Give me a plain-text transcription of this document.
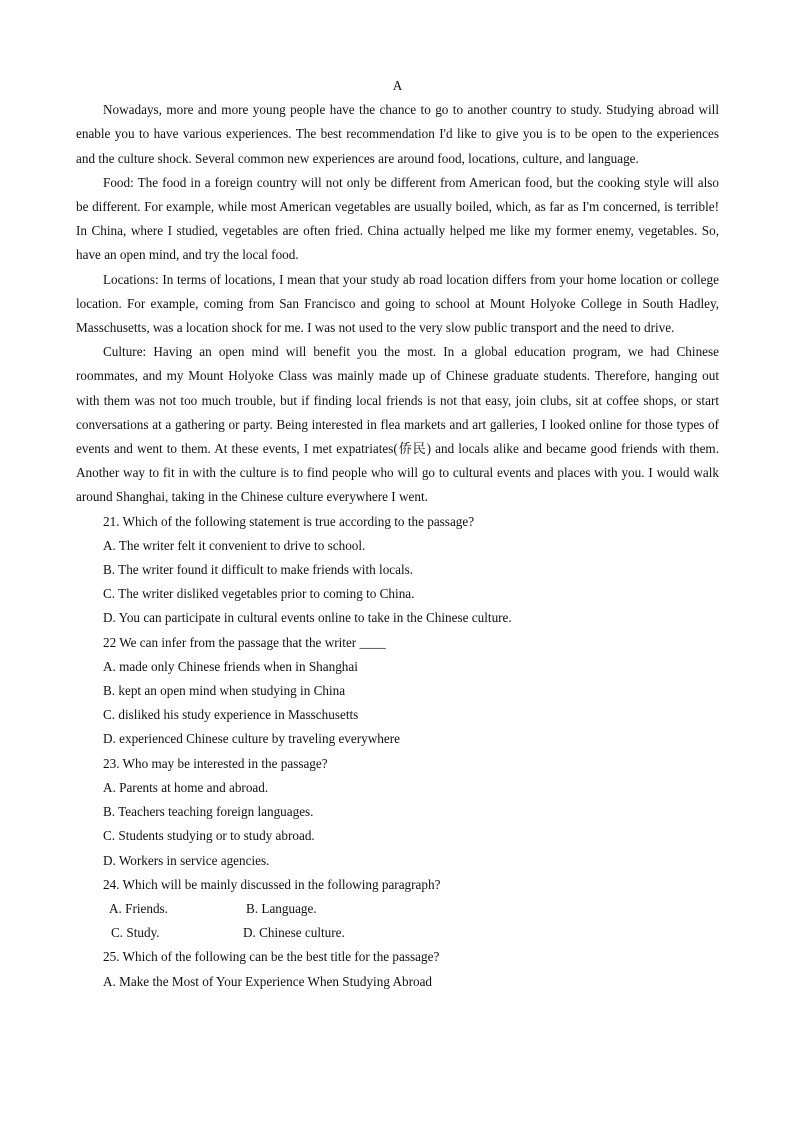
A

Nowadays, more and more young people have the chance to go to another country to study. Studying abroad will enable you to have various experiences. The best recommendation I'd like to give you is to be open to the experiences and the culture shock. Several common new experiences are around food, locations, culture, and language.

Food: The food in a foreign country will not only be different from American food, but the cooking style will also be different. For example, while most American vegetables are usually boiled, which, as far as I'm concerned, is terrible! In China, where I studied, vegetables are often fried. China actually helped me like my former enemy, vegetables. So, have an open mind, and try the local food.

Locations: In terms of locations, I mean that your study ab road location differs from your home location or college location. For example, coming from San Francisco and going to school at Mount Holyoke College in South Hadley, Masschusetts, was a location shock for me. I was not used to the very slow public transport and the need to drive.

Culture: Having an open mind will benefit you the most. In a global education program, we had Chinese roommates, and my Mount Holyoke Class was mainly made up of Chinese graduate students. Therefore, hanging out with them was not too much trouble, but if finding local friends is not that easy, join clubs, sit at coffee shops, or start conversations at a gathering or party. Being interested in flea markets and art galleries, I looked online for those types of events and went to them. At these events, I met expatriates(侨民) and locals alike and became good friends with them. Another way to fit in with the culture is to find people who will go to cultural events and places with you. I would walk around Shanghai, taking in the Chinese culture everywhere I went.

21. Which of the following statement is true according to the passage?

A. The writer felt it convenient to drive to school.

B. The writer found it difficult to make friends with locals.

C. The writer disliked vegetables prior to coming to China.

D. You can participate in cultural events online to take in the Chinese culture.

22 We can infer from the passage that the writer ____

A. made only Chinese friends when in Shanghai

B. kept an open mind when studying in China

C. disliked his study experience in Masschusetts

D. experienced Chinese culture by traveling everywhere

23. Who may be interested in the passage?

A. Parents at home and abroad.

B. Teachers teaching foreign languages.

C. Students studying or to study abroad.

D. Workers in service agencies.

24. Which will be mainly discussed in the following paragraph?

A. Friends.	B. Language.

C. Study.	D. Chinese culture.

25. Which of the following can be the best title for the passage?

A. Make the Most of Your Experience When Studying Abroad
